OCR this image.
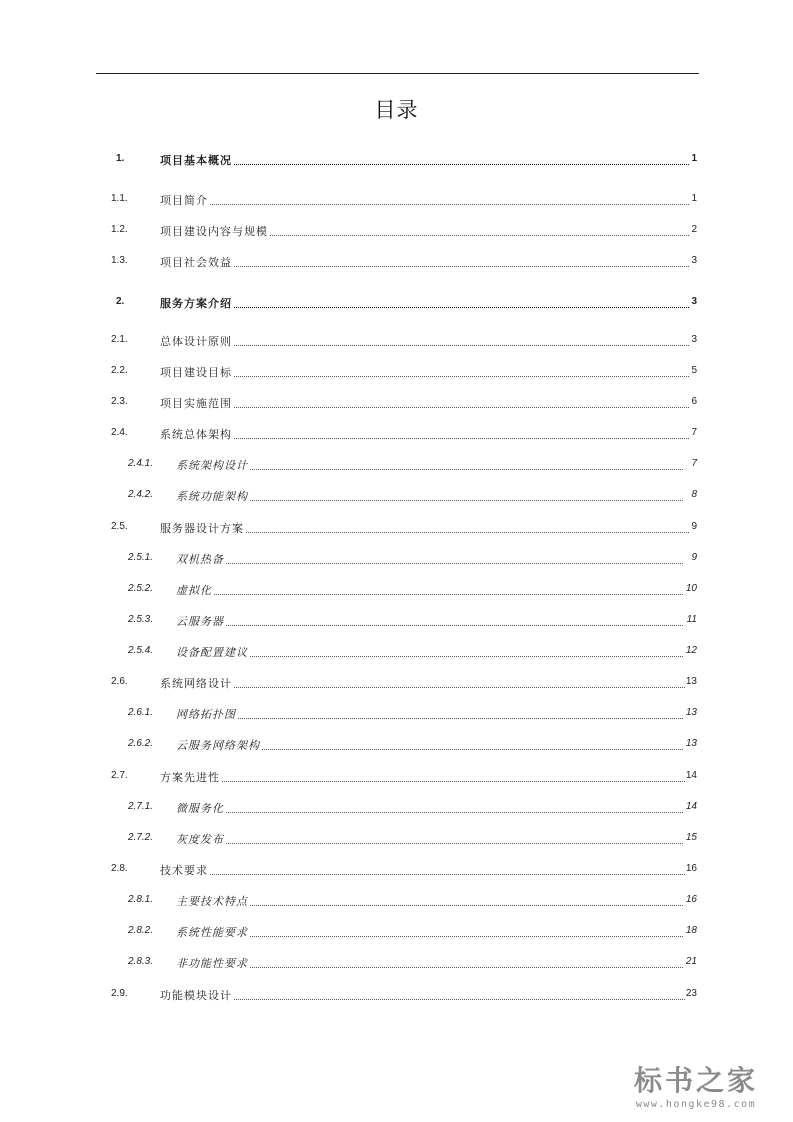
目录
1.	项目基本概况	1
1.1.	项目简介	1
1.2.	项目建设内容与规模	2
1.3.	项目社会效益	3
2.	服务方案介绍	3
2.1.	总体设计原则	3
2.2.	项目建设目标	5
2.3.	项目实施范围	6
2.4.	系统总体架构	7
2.4.1. 系统架构设计	7
2.4.2. 系统功能架构	8
2.5.	服务器设计方案	9
2.5.1. 双机热备	9
2.5.2. 虚拟化	10
2.5.3. 云服务器	11
2.5.4. 设备配置建议	12
2.6.	系统网络设计	13
2.6.1. 网络拓扑图	13
2.6.2. 云服务网络架构	13
2.7.	方案先进性	14
2.7.1. 微服务化	14
2.7.2. 灰度发布	15
2.8.	技术要求	16
2.8.1. 主要技术特点	16
2.8.2. 系统性能要求	18
2.8.3. 非功能性要求	21
2.9.	功能模块设计	23
标书之家
www.hongke98.com
